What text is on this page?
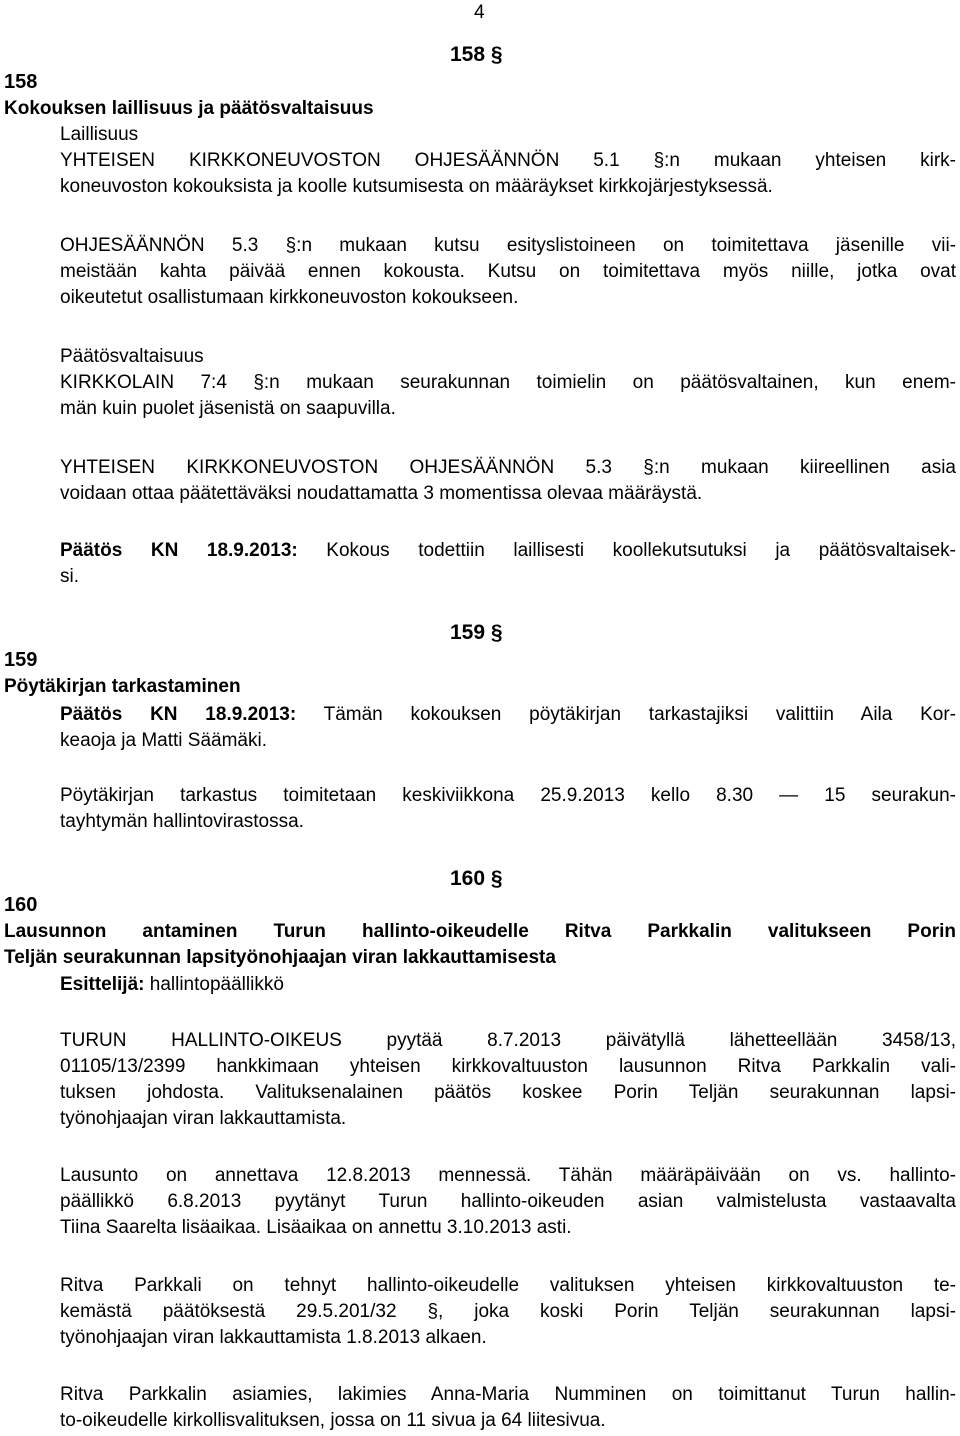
4
158 §
158
Kokouksen laillisuus ja päätösvaltaisuus
Laillisuus
YHTEISEN KIRKKONEUVOSTON OHJESÄÄNNÖN 5.1 §:n mukaan yhteisen kirk-
koneuvoston kokouksista ja koolle kutsumisesta on määräykset kirkkojärjestyksessä.
OHJESÄÄNNÖN 5.3 §:n mukaan kutsu esityslistoineen on toimitettava jäsenille vii-
meistään kahta päivää ennen kokousta. Kutsu on toimitettava myös niille, jotka ovat
oikeutetut osallistumaan kirkkoneuvoston kokoukseen.
Päätösvaltaisuus
KIRKKOLAIN 7:4 §:n mukaan seurakunnan toimielin on päätösvaltainen, kun enem-
män kuin puolet jäsenistä on saapuvilla.
YHTEISEN KIRKKONEUVOSTON OHJESÄÄNNÖN 5.3 §:n mukaan kiireellinen asia
voidaan ottaa päätettäväksi noudattamatta 3 momentissa olevaa määräystä.
Päätös KN 18.9.2013: Kokous todettiin laillisesti koollekutsutuksi ja päätösvaltaisek-
si.
159 §
159
Pöytäkirjan tarkastaminen
Päätös KN 18.9.2013: Tämän kokouksen pöytäkirjan tarkastajiksi valittiin Aila Kor-
keaoja ja Matti Säämäki.
Pöytäkirjan tarkastus toimitetaan keskiviikkona 25.9.2013 kello 8.30 — 15 seurakun-
tayhtymän hallintovirastossa.
160 §
160
Lausunnon antaminen Turun hallinto-oikeudelle Ritva Parkkalin valitukseen Porin
Teljän seurakunnan lapsityönohjaajan viran lakkauttamisesta
Esittelijä: hallintopäällikkö
TURUN HALLINTO-OIKEUS pyytää 8.7.2013 päivätyllä lähetteellään 3458/13,
01105/13/2399 hankkimaan yhteisen kirkkovaltuuston lausunnon Ritva Parkkalin vali-
tuksen johdosta. Valituksenalainen päätös koskee Porin Teljän seurakunnan lapsi-
työnohjaajan viran lakkauttamista.
Lausunto on annettava 12.8.2013 mennessä. Tähän määräpäivään on vs. hallinto-
päällikkö 6.8.2013 pyytänyt Turun hallinto-oikeuden asian valmistelusta vastaavalta
Tiina Saarelta lisäaikaa. Lisäaikaa on annettu 3.10.2013 asti.
Ritva Parkkali on tehnyt hallinto-oikeudelle valituksen yhteisen kirkkovaltuuston te-
kemästä päätöksestä 29.5.201/32 §, joka koski Porin Teljän seurakunnan lapsi-
työnohjaajan viran lakkauttamista 1.8.2013 alkaen.
Ritva Parkkalin asiamies, lakimies Anna-Maria Numminen on toimittanut Turun hallin-
to-oikeudelle kirkollisvalituksen, jossa on 11 sivua ja 64 liitesivua.
